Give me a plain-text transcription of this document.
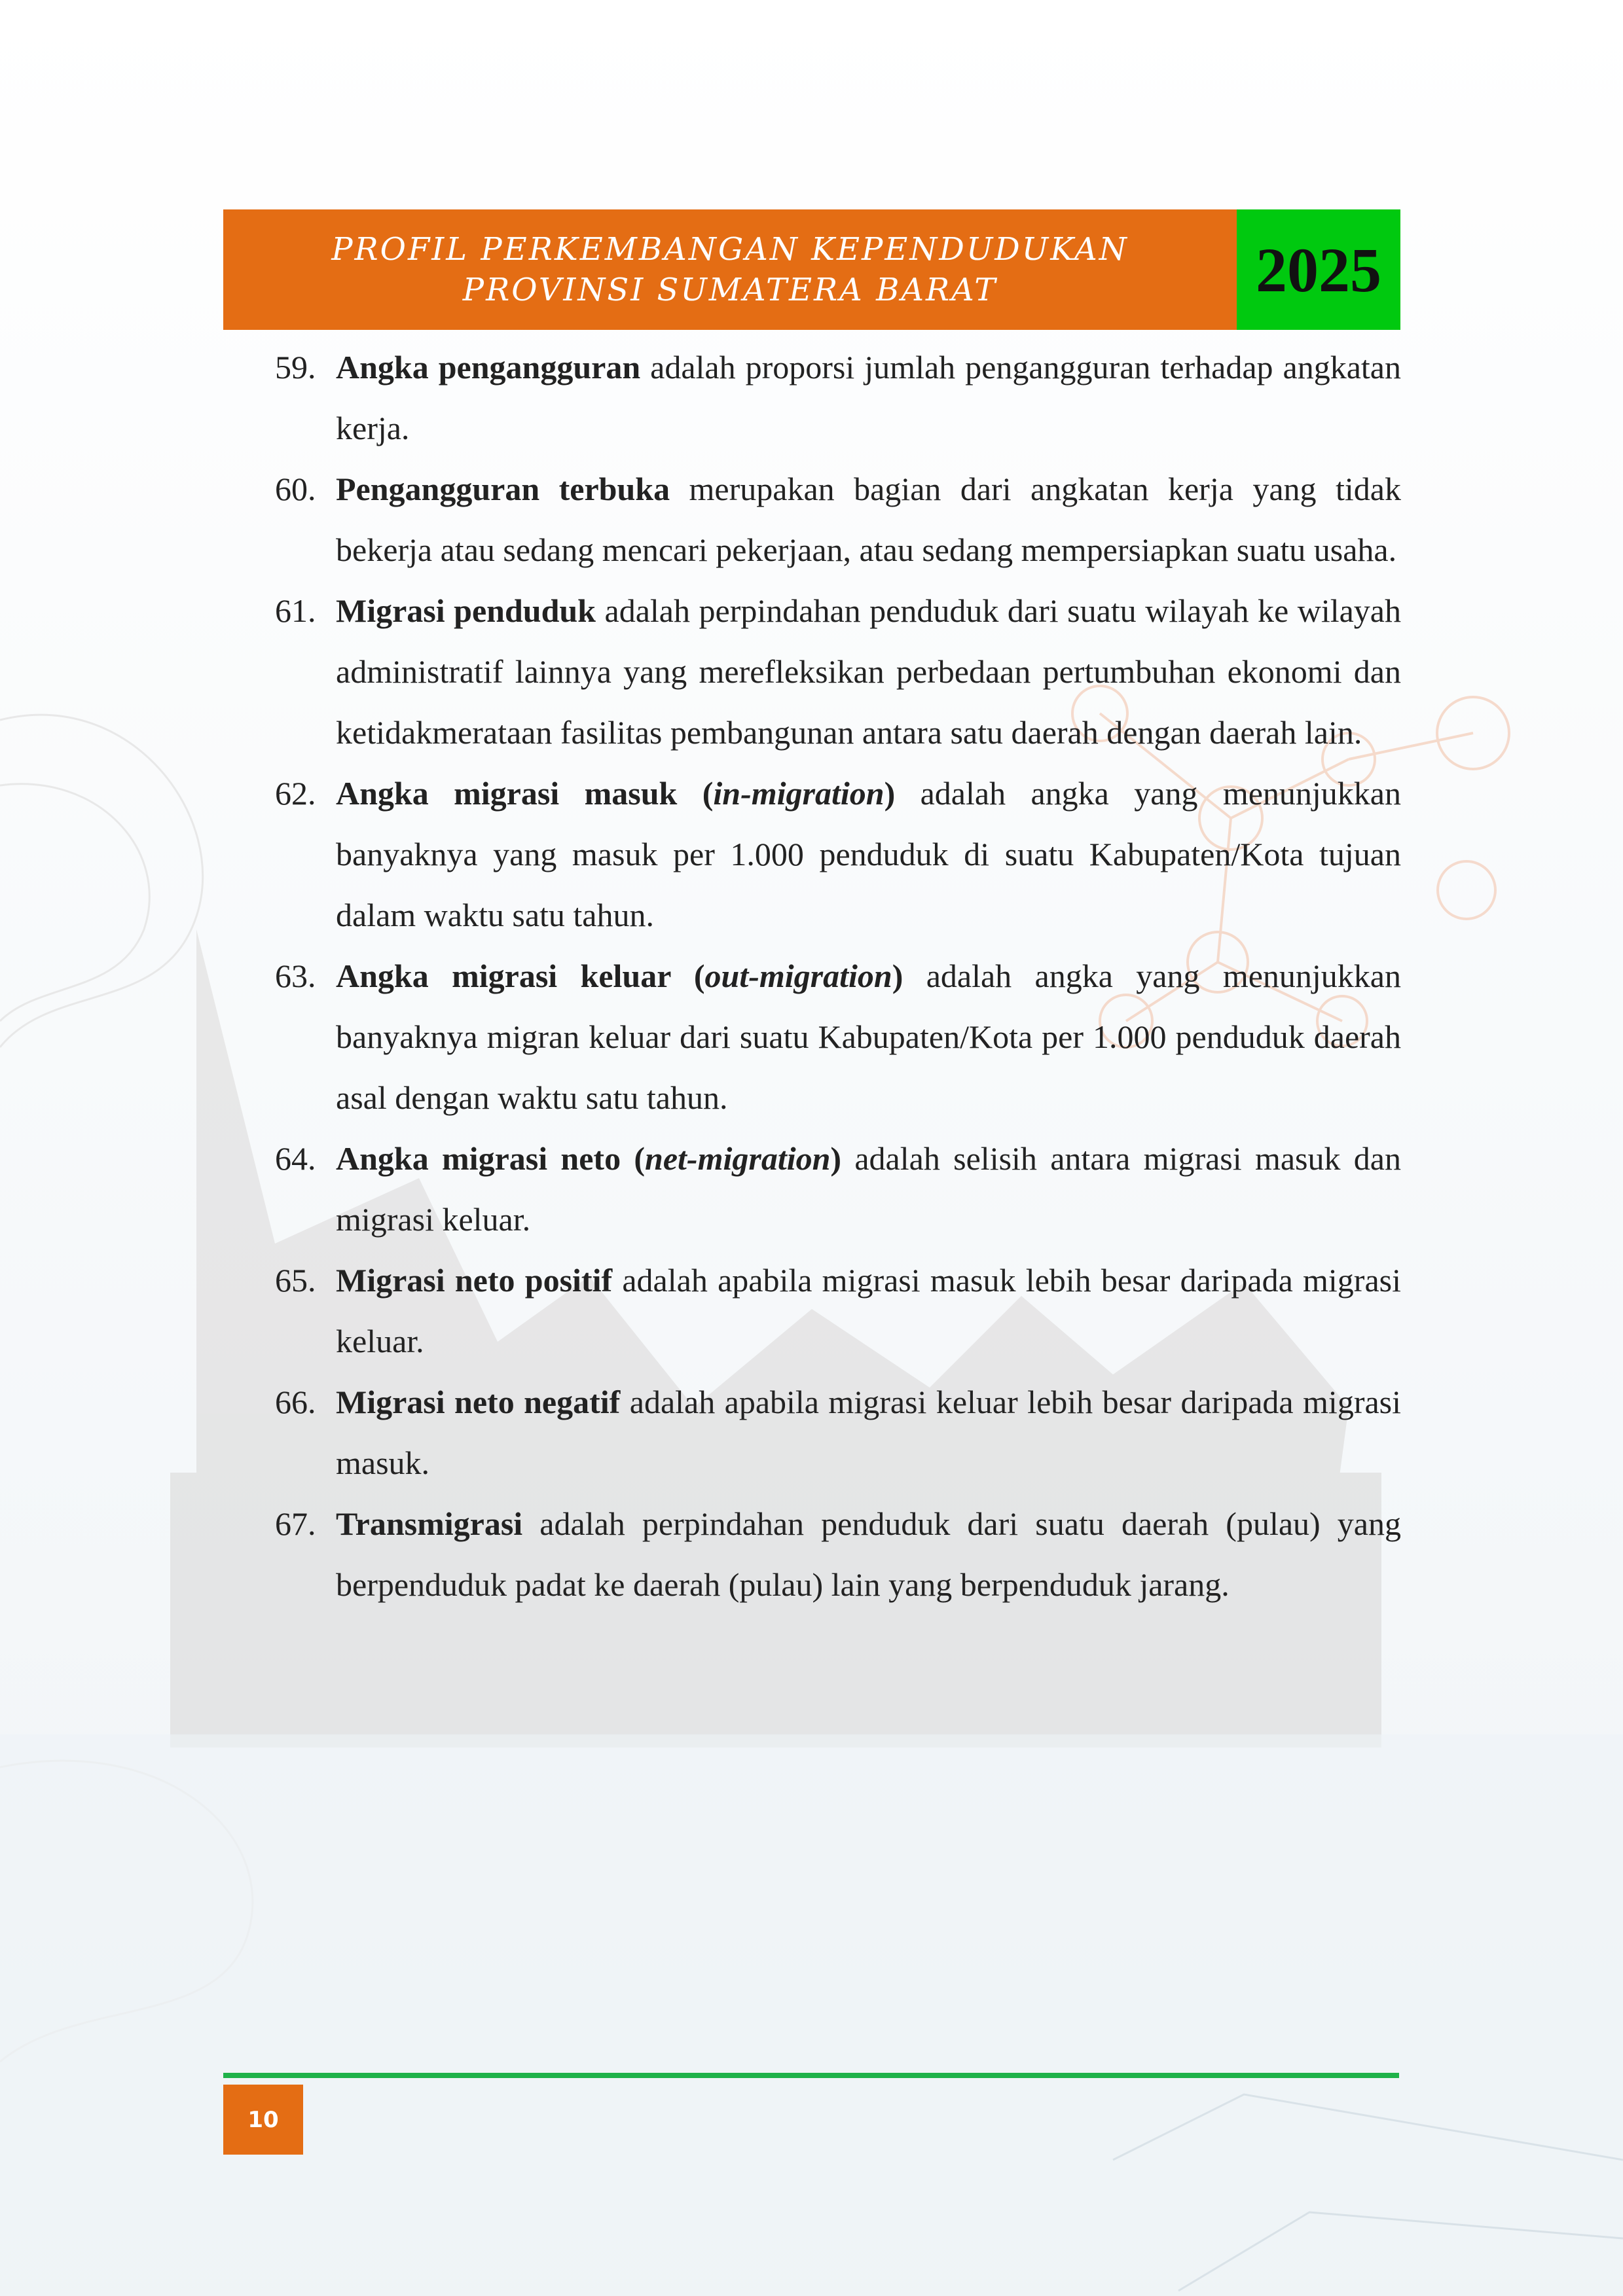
PROFIL PERKEMBANGAN KEPENDUDUKAN
PROVINSI SUMATERA BARAT	2025
59. Angka pengangguran adalah proporsi jumlah pengangguran terhadap angkatan kerja.
60. Pengangguran terbuka merupakan bagian dari angkatan kerja yang tidak bekerja atau sedang mencari pekerjaan, atau sedang mempersiapkan suatu usaha.
61. Migrasi penduduk adalah perpindahan penduduk dari suatu wilayah ke wilayah administratif lainnya yang merefleksikan perbedaan pertumbuhan ekonomi dan ketidakmerataan fasilitas pembangunan antara satu daerah dengan daerah lain.
62. Angka migrasi masuk (in-migration) adalah angka yang menunjukkan banyaknya yang masuk per 1.000 penduduk di suatu Kabupaten/Kota tujuan dalam waktu satu tahun.
63. Angka migrasi keluar (out-migration) adalah angka yang menunjukkan banyaknya migran keluar dari suatu Kabupaten/Kota per 1.000 penduduk daerah asal dengan waktu satu tahun.
64. Angka migrasi neto (net-migration) adalah selisih antara migrasi masuk dan migrasi keluar.
65. Migrasi neto positif adalah apabila migrasi masuk lebih besar daripada migrasi keluar.
66. Migrasi neto negatif adalah apabila migrasi keluar lebih besar daripada migrasi masuk.
67. Transmigrasi adalah perpindahan penduduk dari suatu daerah (pulau) yang berpenduduk padat ke daerah (pulau) lain yang berpenduduk jarang.
10
